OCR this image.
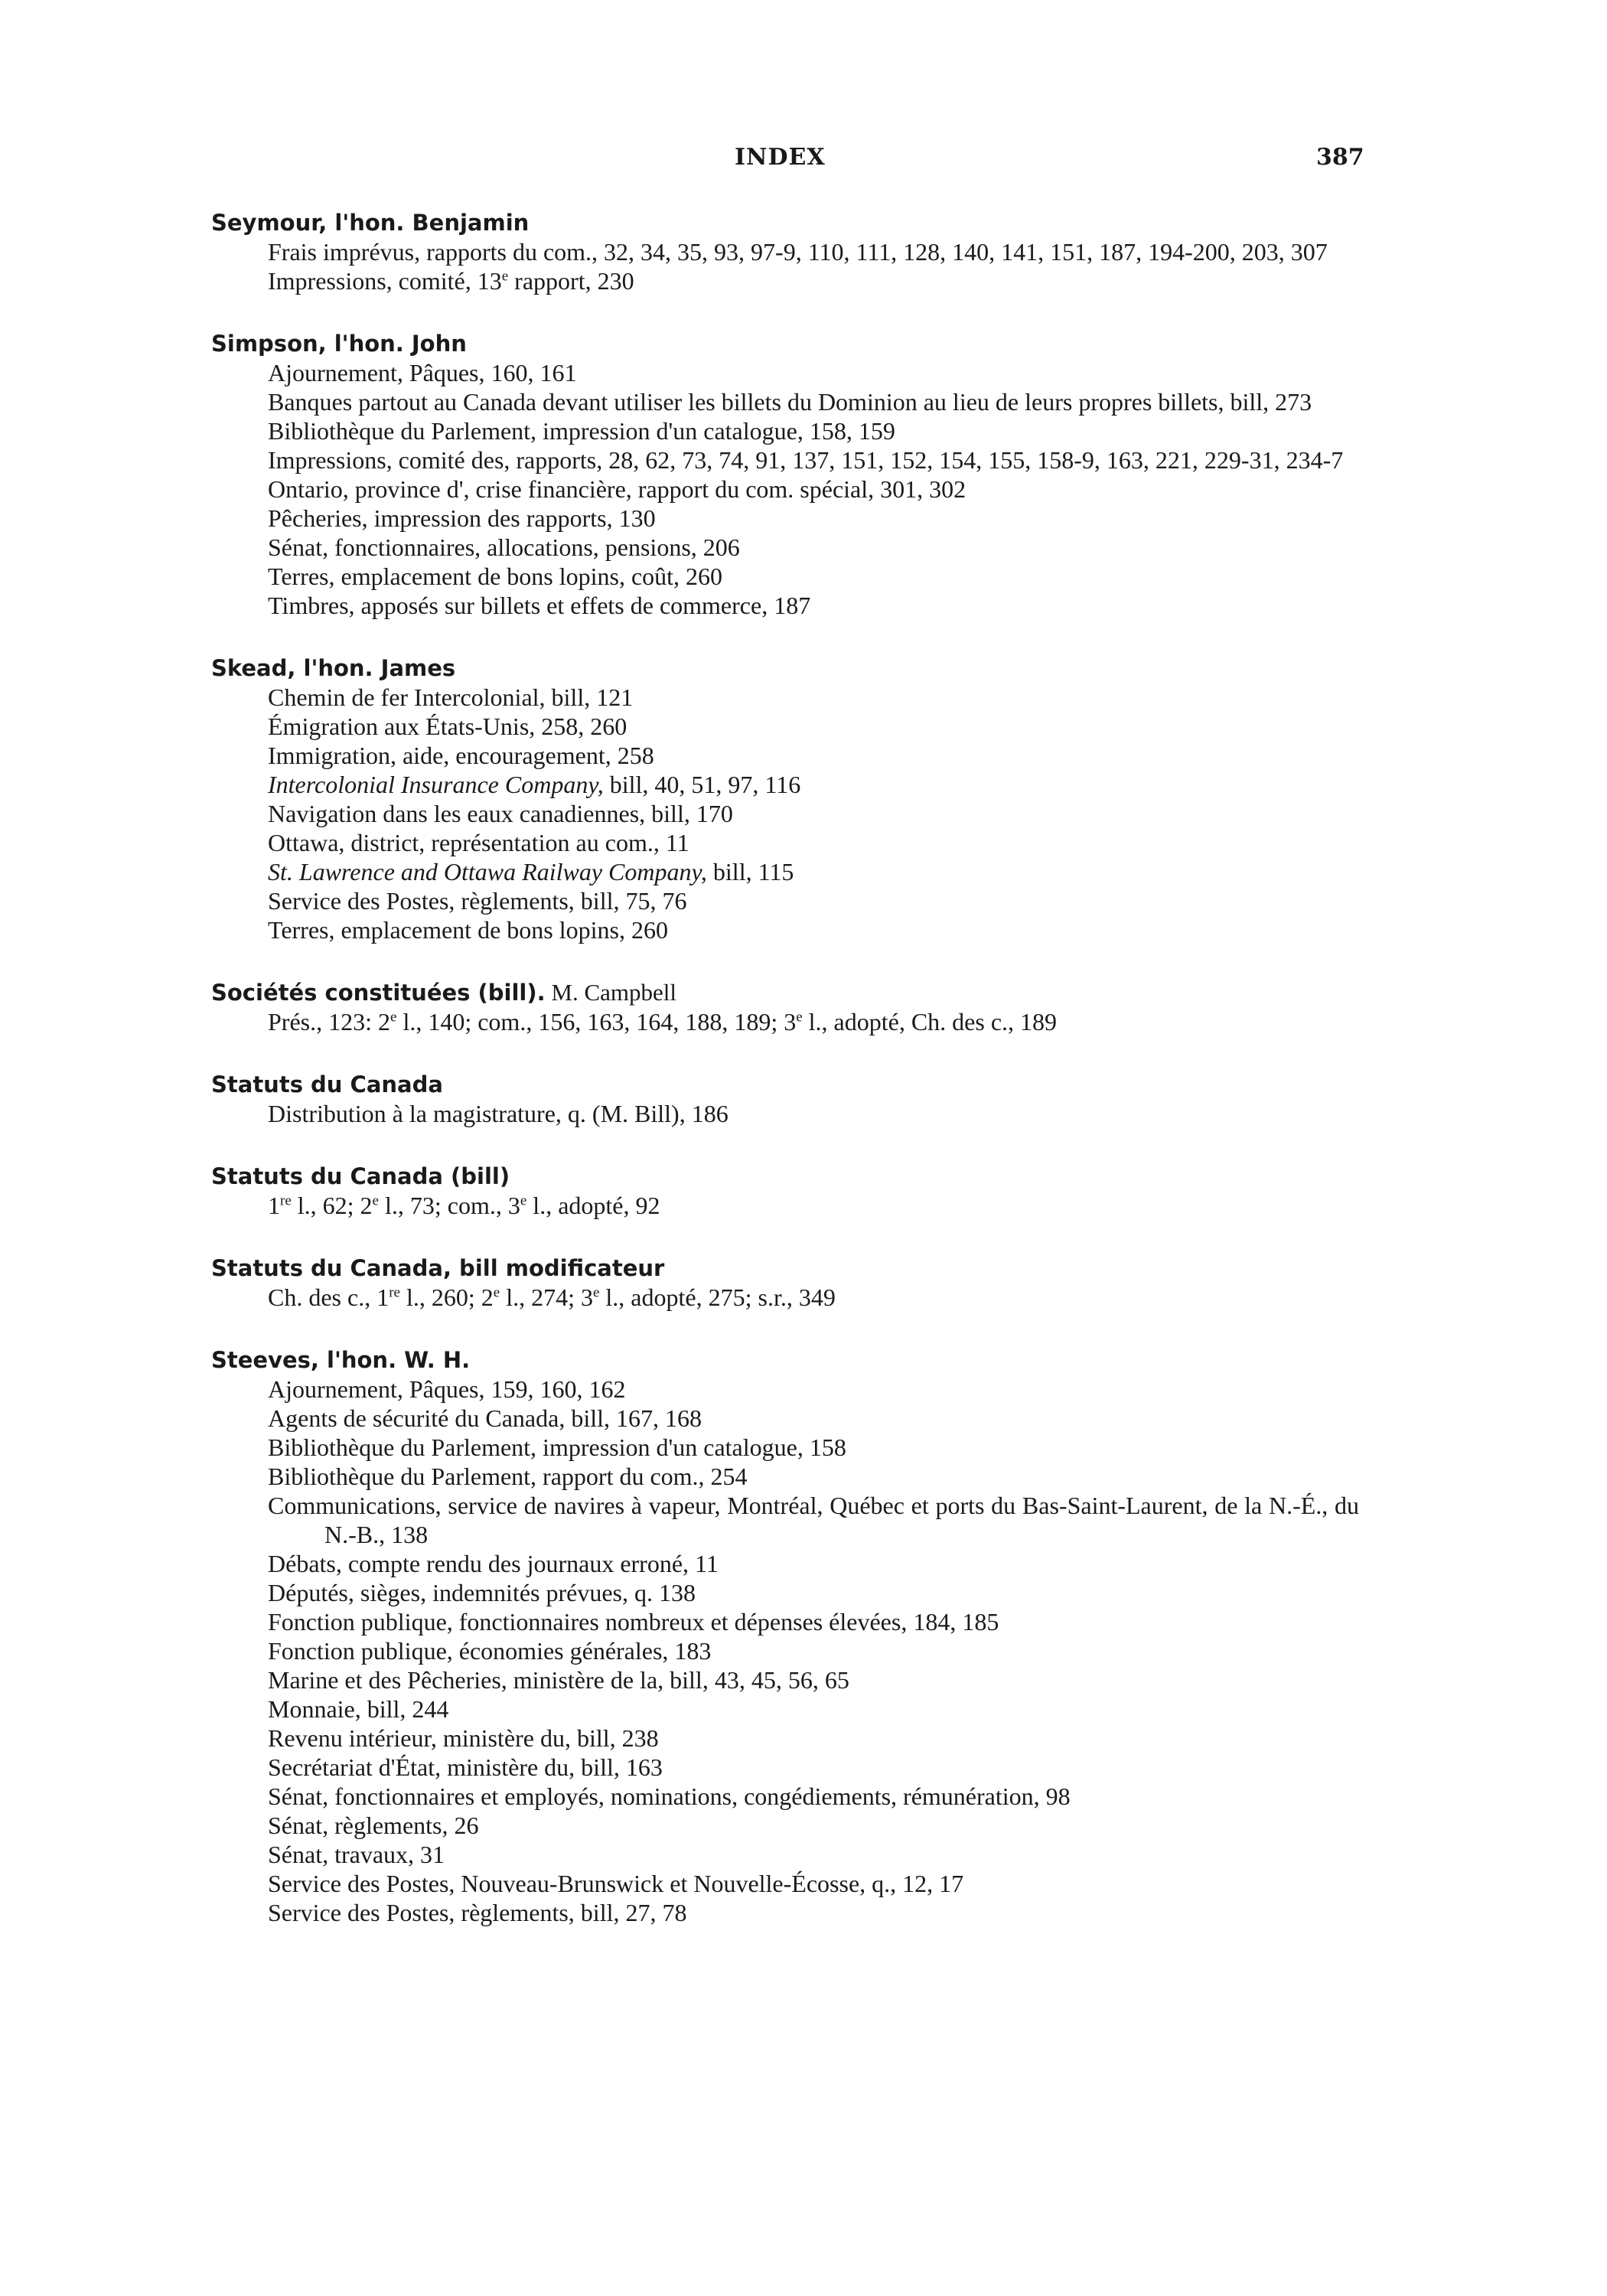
INDEX	387
Seymour, l'hon. Benjamin
Frais imprévus, rapports du com., 32, 34, 35, 93, 97-9, 110, 111, 128, 140, 141, 151, 187, 194-200, 203, 307
Impressions, comité, 13e rapport, 230
Simpson, l'hon. John
Ajournement, Pâques, 160, 161
Banques partout au Canada devant utiliser les billets du Dominion au lieu de leurs propres billets, bill, 273
Bibliothèque du Parlement, impression d'un catalogue, 158, 159
Impressions, comité des, rapports, 28, 62, 73, 74, 91, 137, 151, 152, 154, 155, 158-9, 163, 221, 229-31, 234-7
Ontario, province d', crise financière, rapport du com. spécial, 301, 302
Pêcheries, impression des rapports, 130
Sénat, fonctionnaires, allocations, pensions, 206
Terres, emplacement de bons lopins, coût, 260
Timbres, apposés sur billets et effets de commerce, 187
Skead, l'hon. James
Chemin de fer Intercolonial, bill, 121
Émigration aux États-Unis, 258, 260
Immigration, aide, encouragement, 258
Intercolonial Insurance Company, bill, 40, 51, 97, 116
Navigation dans les eaux canadiennes, bill, 170
Ottawa, district, représentation au com., 11
St. Lawrence and Ottawa Railway Company, bill, 115
Service des Postes, règlements, bill, 75, 76
Terres, emplacement de bons lopins, 260
Sociétés constituées (bill). M. Campbell
Prés., 123: 2e l., 140; com., 156, 163, 164, 188, 189; 3e l., adopté, Ch. des c., 189
Statuts du Canada
Distribution à la magistrature, q. (M. Bill), 186
Statuts du Canada (bill)
1re l., 62; 2e l., 73; com., 3e l., adopté, 92
Statuts du Canada, bill modificateur
Ch. des c., 1re l., 260; 2e l., 274; 3e l., adopté, 275; s.r., 349
Steeves, l'hon. W. H.
Ajournement, Pâques, 159, 160, 162
Agents de sécurité du Canada, bill, 167, 168
Bibliothèque du Parlement, impression d'un catalogue, 158
Bibliothèque du Parlement, rapport du com., 254
Communications, service de navires à vapeur, Montréal, Québec et ports du Bas-Saint-Laurent, de la N.-É., du N.-B., 138
Débats, compte rendu des journaux erroné, 11
Députés, sièges, indemnités prévues, q. 138
Fonction publique, fonctionnaires nombreux et dépenses élevées, 184, 185
Fonction publique, économies générales, 183
Marine et des Pêcheries, ministère de la, bill, 43, 45, 56, 65
Monnaie, bill, 244
Revenu intérieur, ministère du, bill, 238
Secrétariat d'État, ministère du, bill, 163
Sénat, fonctionnaires et employés, nominations, congédiements, rémunération, 98
Sénat, règlements, 26
Sénat, travaux, 31
Service des Postes, Nouveau-Brunswick et Nouvelle-Écosse, q., 12, 17
Service des Postes, règlements, bill, 27, 78
